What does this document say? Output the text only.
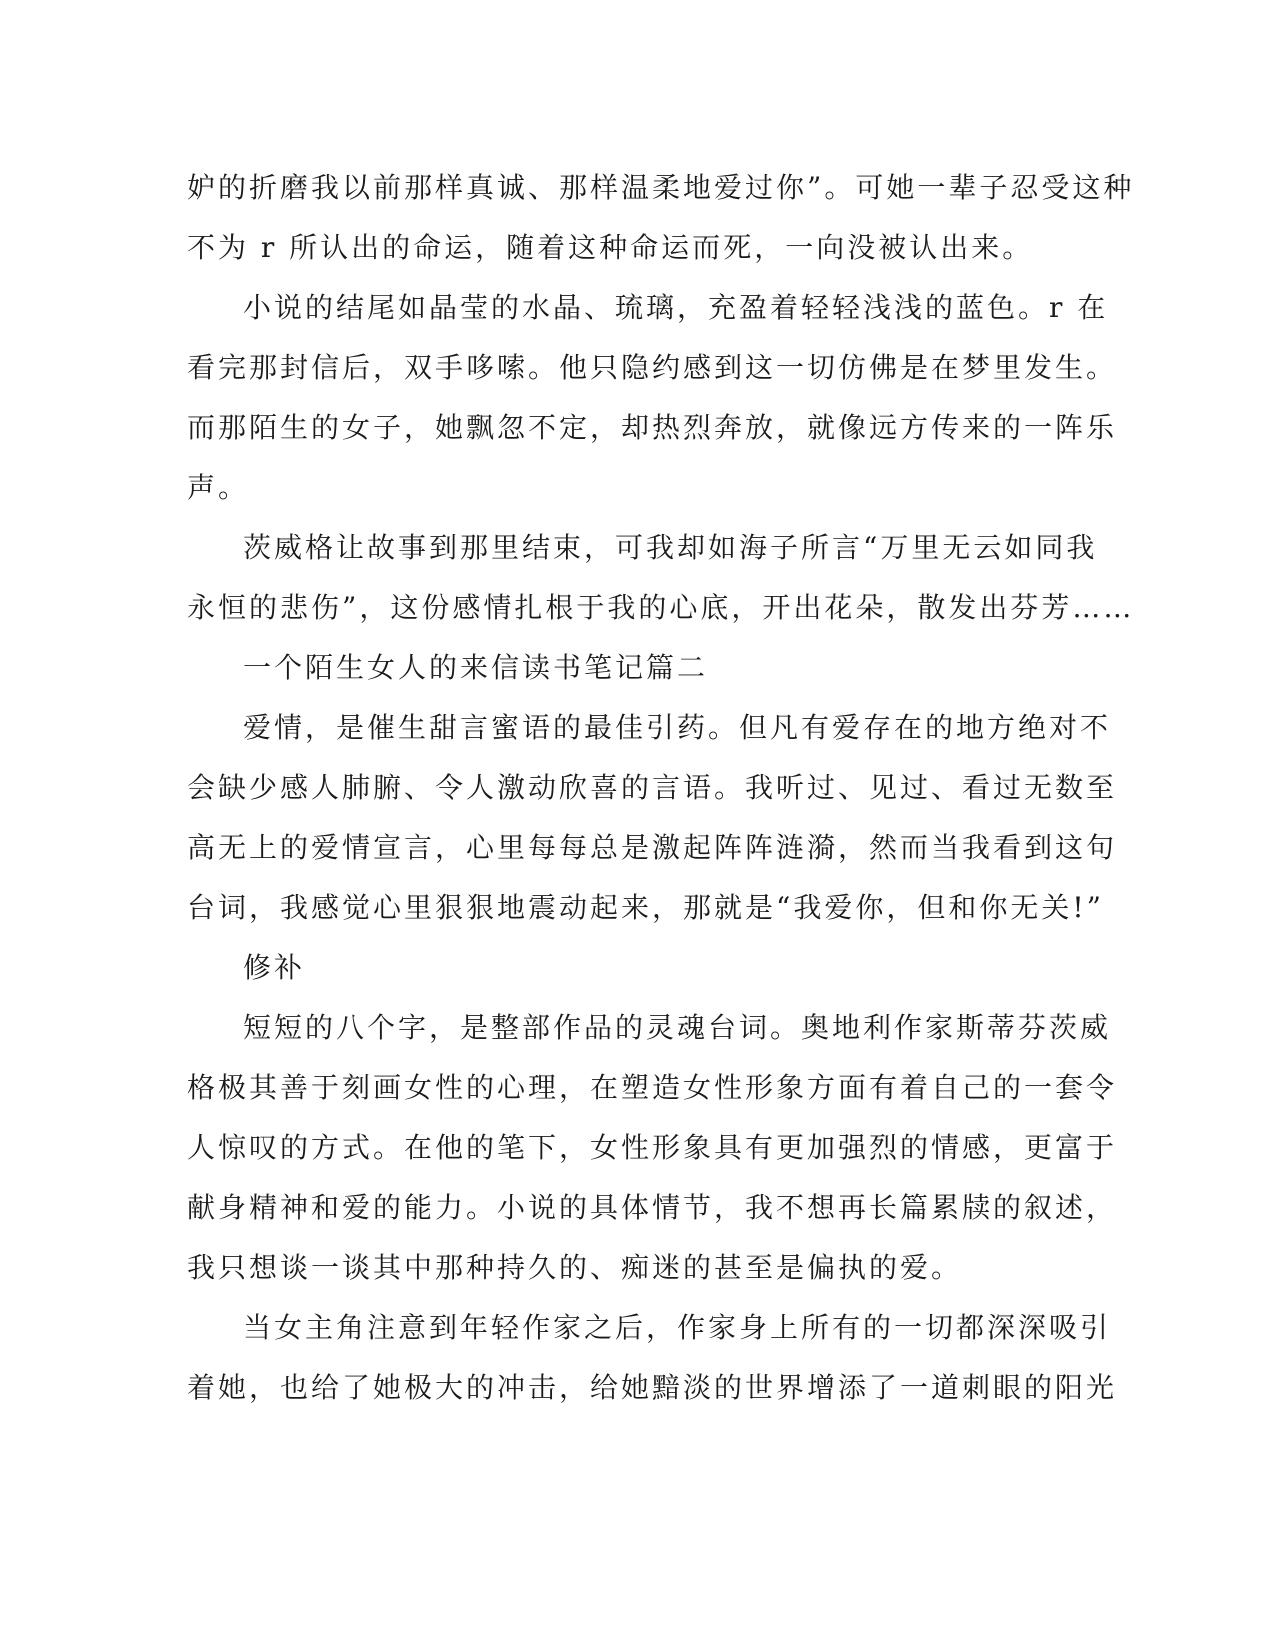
妒的折磨我以前那样真诚、那样温柔地爱过你”。可她一辈子忍受这种
不为 r 所认出的命运，随着这种命运而死，一向没被认出来。

小说的结尾如晶莹的水晶、琉璃，充盈着轻轻浅浅的蓝色。r 在
看完那封信后，双手哆嗦。他只隐约感到这一切仿佛是在梦里发生。
而那陌生的女子，她飘忽不定，却热烈奔放，就像远方传来的一阵乐
声。

茨威格让故事到那里结束，可我却如海子所言“万里无云如同我
永恒的悲伤”，这份感情扎根于我的心底，开出花朵，散发出芬芳……

一个陌生女人的来信读书笔记篇二

爱情，是催生甜言蜜语的最佳引药。但凡有爱存在的地方绝对不
会缺少感人肺腑、令人激动欣喜的言语。我听过、见过、看过无数至
高无上的爱情宣言，心里每每总是激起阵阵涟漪，然而当我看到这句
台词，我感觉心里狠狠地震动起来，那就是“我爱你，但和你无关!”

修补

短短的八个字，是整部作品的灵魂台词。奥地利作家斯蒂芬茨威
格极其善于刻画女性的心理，在塑造女性形象方面有着自己的一套令
人惊叹的方式。在他的笔下，女性形象具有更加强烈的情感，更富于
献身精神和爱的能力。小说的具体情节，我不想再长篇累牍的叙述，
我只想谈一谈其中那种持久的、痴迷的甚至是偏执的爱。

当女主角注意到年轻作家之后，作家身上所有的一切都深深吸引
着她，也给了她极大的冲击，给她黯淡的世界增添了一道刺眼的阳光
